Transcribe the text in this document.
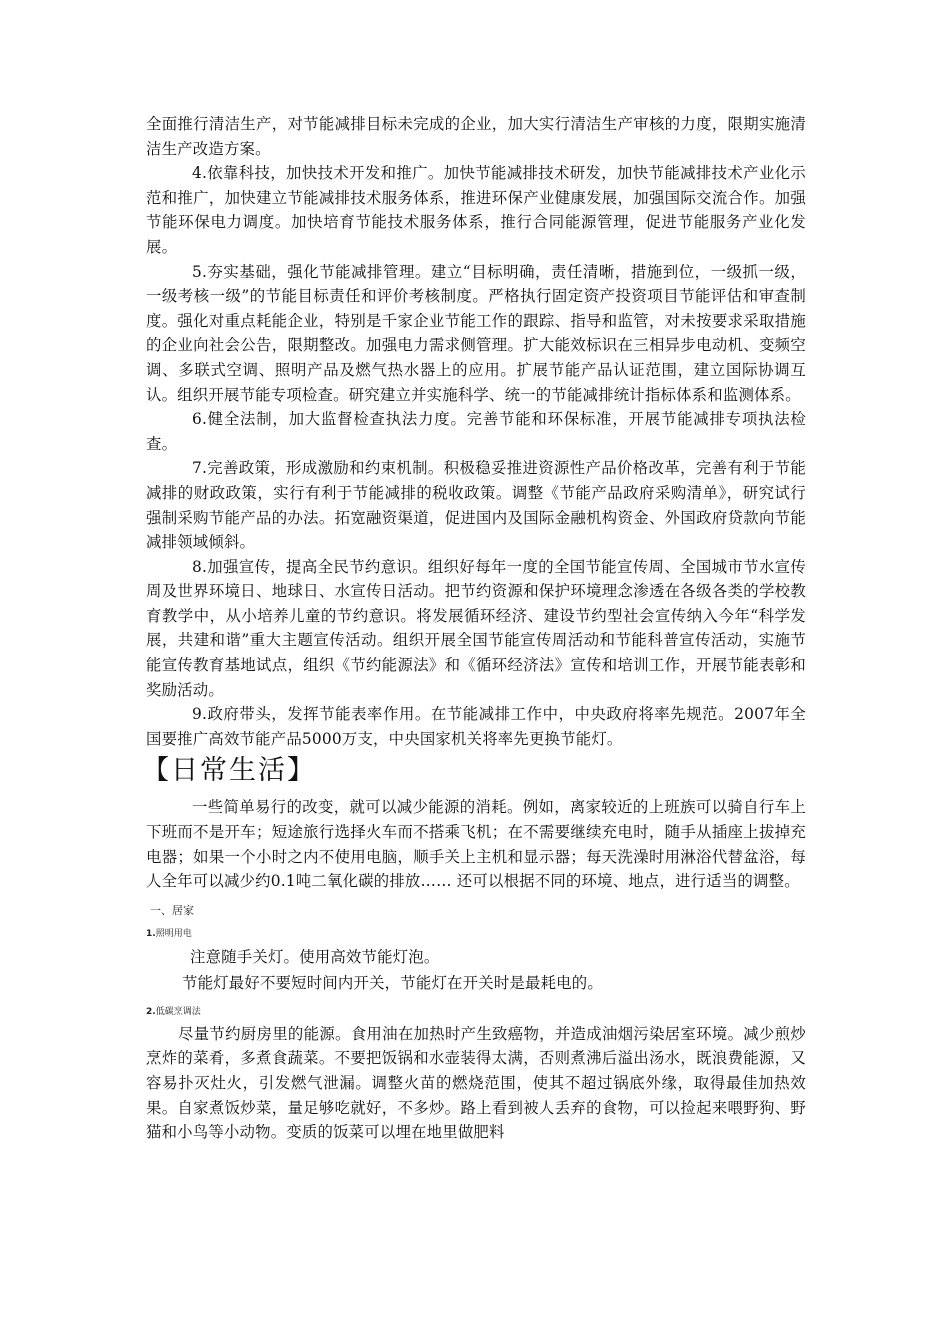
全面推行清洁生产，对节能减排目标未完成的企业，加大实行清洁生产审核的力度，限期实施清洁生产改造方案。

4.依靠科技，加快技术开发和推广。加快节能减排技术研发，加快节能减排技术产业化示范和推广，加快建立节能减排技术服务体系，推进环保产业健康发展，加强国际交流合作。加强节能环保电力调度。加快培育节能技术服务体系，推行合同能源管理，促进节能服务产业化发展。

5.夯实基础，强化节能减排管理。建立“目标明确，责任清晰，措施到位，一级抓一级，一级考核一级”的节能目标责任和评价考核制度。严格执行固定资产投资项目节能评估和审查制度。强化对重点耗能企业，特别是千家企业节能工作的跟踪、指导和监管，对未按要求采取措施的企业向社会公告，限期整改。加强电力需求侧管理。扩大能效标识在三相异步电动机、变频空调、多联式空调、照明产品及燃气热水器上的应用。扩展节能产品认证范围，建立国际协调互认。组织开展节能专项检查。研究建立并实施科学、统一的节能减排统计指标体系和监测体系。

6.健全法制，加大监督检查执法力度。完善节能和环保标准，开展节能减排专项执法检查。

7.完善政策，形成激励和约束机制。积极稳妥推进资源性产品价格改革，完善有利于节能减排的财政政策，实行有利于节能减排的税收政策。调整《节能产品政府采购清单》，研究试行强制采购节能产品的办法。拓宽融资渠道，促进国内及国际金融机构资金、外国政府贷款向节能减排领域倾斜。

8.加强宣传，提高全民节约意识。组织好每年一度的全国节能宣传周、全国城市节水宣传周及世界环境日、地球日、水宣传日活动。把节约资源和保护环境理念渗透在各级各类的学校教育教学中，从小培养儿童的节约意识。将发展循环经济、建设节约型社会宣传纳入今年“科学发展，共建和谐”重大主题宣传活动。组织开展全国节能宣传周活动和节能科普宣传活动，实施节能宣传教育基地试点，组织《节约能源法》和《循环经济法》宣传和培训工作，开展节能表彰和奖励活动。

9.政府带头，发挥节能表率作用。在节能减排工作中，中央政府将率先规范。2007年全国要推广高效节能产品5000万支，中央国家机关将率先更换节能灯。

【日常生活】

一些简单易行的改变，就可以减少能源的消耗。例如，离家较近的上班族可以骑自行车上下班而不是开车；短途旅行选择火车而不搭乘飞机；在不需要继续充电时，随手从插座上拔掉充电器；如果一个小时之内不使用电脑，顺手关上主机和显示器；每天洗澡时用淋浴代替盆浴，每人全年可以减少约0.1吨二氧化碳的排放…… 还可以根据不同的环境、地点，进行适当的调整。

一、居家
1.照明用电

注意随手关灯。使用高效节能灯泡。

节能灯最好不要短时间内开关，节能灯在开关时是最耗电的。

2.低碳烹调法

尽量节约厨房里的能源。食用油在加热时产生致癌物，并造成油烟污染居室环境。减少煎炒烹炸的菜肴，多煮食蔬菜。不要把饭锅和水壶装得太满，否则煮沸后溢出汤水，既浪费能源，又容易扑灭灶火，引发燃气泄漏。调整火苗的燃烧范围，使其不超过锅底外缘，取得最佳加热效果。自家煮饭炒菜，量足够吃就好，不多炒。路上看到被人丢弃的食物，可以捡起来喂野狗、野猫和小鸟等小动物。变质的饭菜可以埋在地里做肥料
